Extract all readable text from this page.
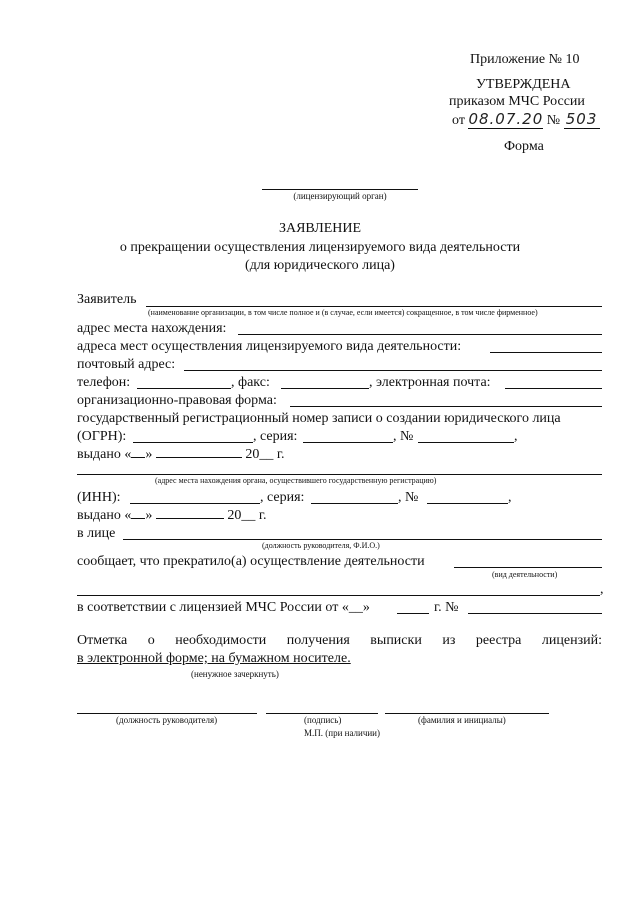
Приложение № 10
УТВЕРЖДЕНА
приказом МЧС России
от 08.07.20 № 503
Форма
(лицензирующий орган)
ЗАЯВЛЕНИЕ
о прекращении осуществления лицензируемого вида деятельности
(для юридического лица)
Заявитель
(наименование организации, в том числе полное и (в случае, если имеется) сокращенное, в том числе фирменное)
адрес места нахождения:
адреса мест осуществления лицензируемого вида деятельности:
почтовый адрес:
телефон:	, факс:	, электронная почта:
организационно-правовая форма:
государственный регистрационный номер записи о создании юридического лица
(ОГРН):	, серия:	, №	,
выдано « »	20__ г.
(адрес места нахождения органа, осуществившего государственную регистрацию)
(ИНН):	, серия:	, №	,
выдано « »	20__ г.
в лице
(должность руководителя, Ф.И.О.)
сообщает, что прекратило(а) осуществление деятельности
(вид деятельности)
,
в соответствии с лицензией МЧС России от «__»	г. №
Отметка о необходимости получения выписки из реестра лицензий:
в электронной форме; на бумажном носителе.
(ненужное зачеркнуть)
(должность руководителя)	(подпись)	(фамилия и инициалы)
М.П. (при наличии)
